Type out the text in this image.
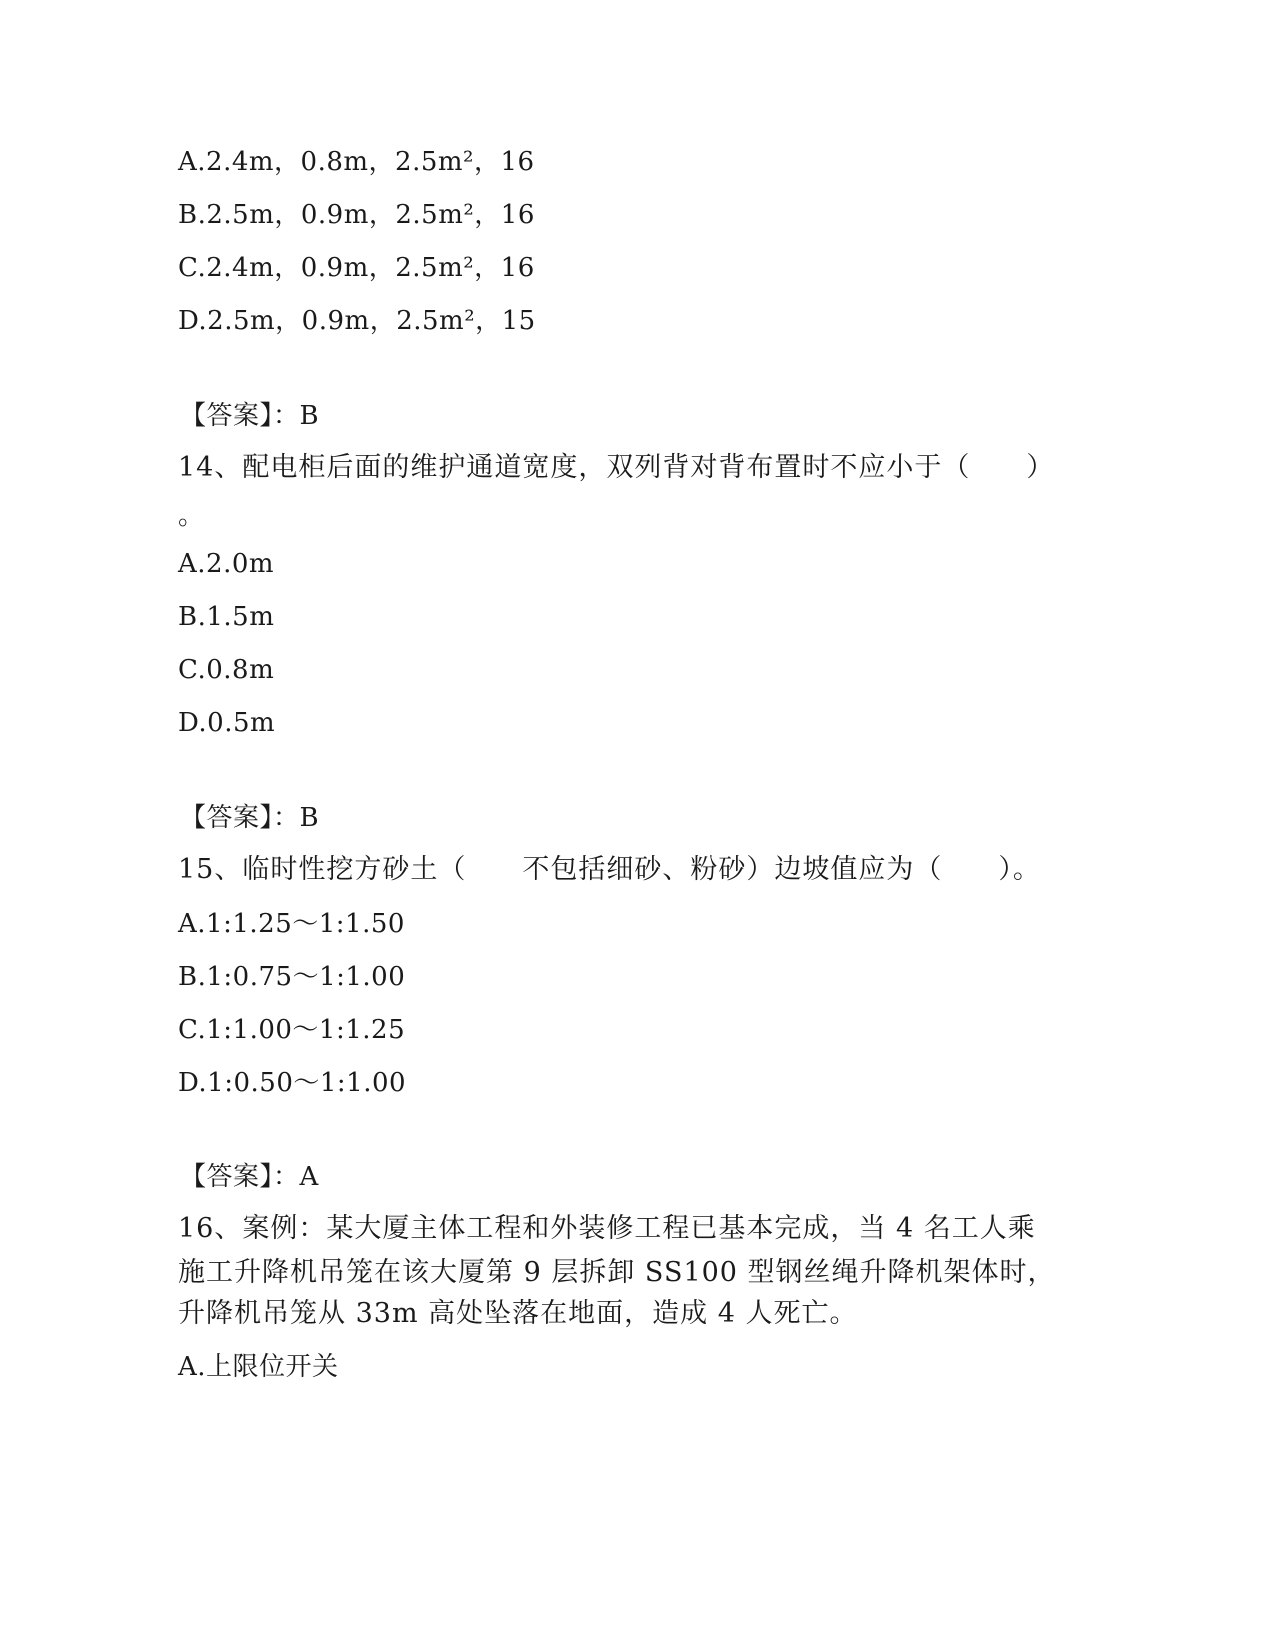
A.2.4m，0.8m，2.5m²，16
B.2.5m，0.9m，2.5m²，16
C.2.4m，0.9m，2.5m²，16
D.2.5m，0.9m，2.5m²，15
【答案】：B
14、配电柜后面的维护通道宽度，双列背对背布置时不应小于（　　）
。
A.2.0m
B.1.5m
C.0.8m
D.0.5m
【答案】：B
15、临时性挖方砂土（　　不包括细砂、粉砂）边坡值应为（　　）。
A.1:1.25～1:1.50
B.1:0.75～1:1.00
C.1:1.00～1:1.25
D.1:0.50～1:1.00
【答案】：A
16、案例：某大厦主体工程和外装修工程已基本完成，当 4 名工人乘
施工升降机吊笼在该大厦第 9 层拆卸 SS100 型钢丝绳升降机架体时，
升降机吊笼从 33m 高处坠落在地面，造成 4 人死亡。
A.上限位开关
